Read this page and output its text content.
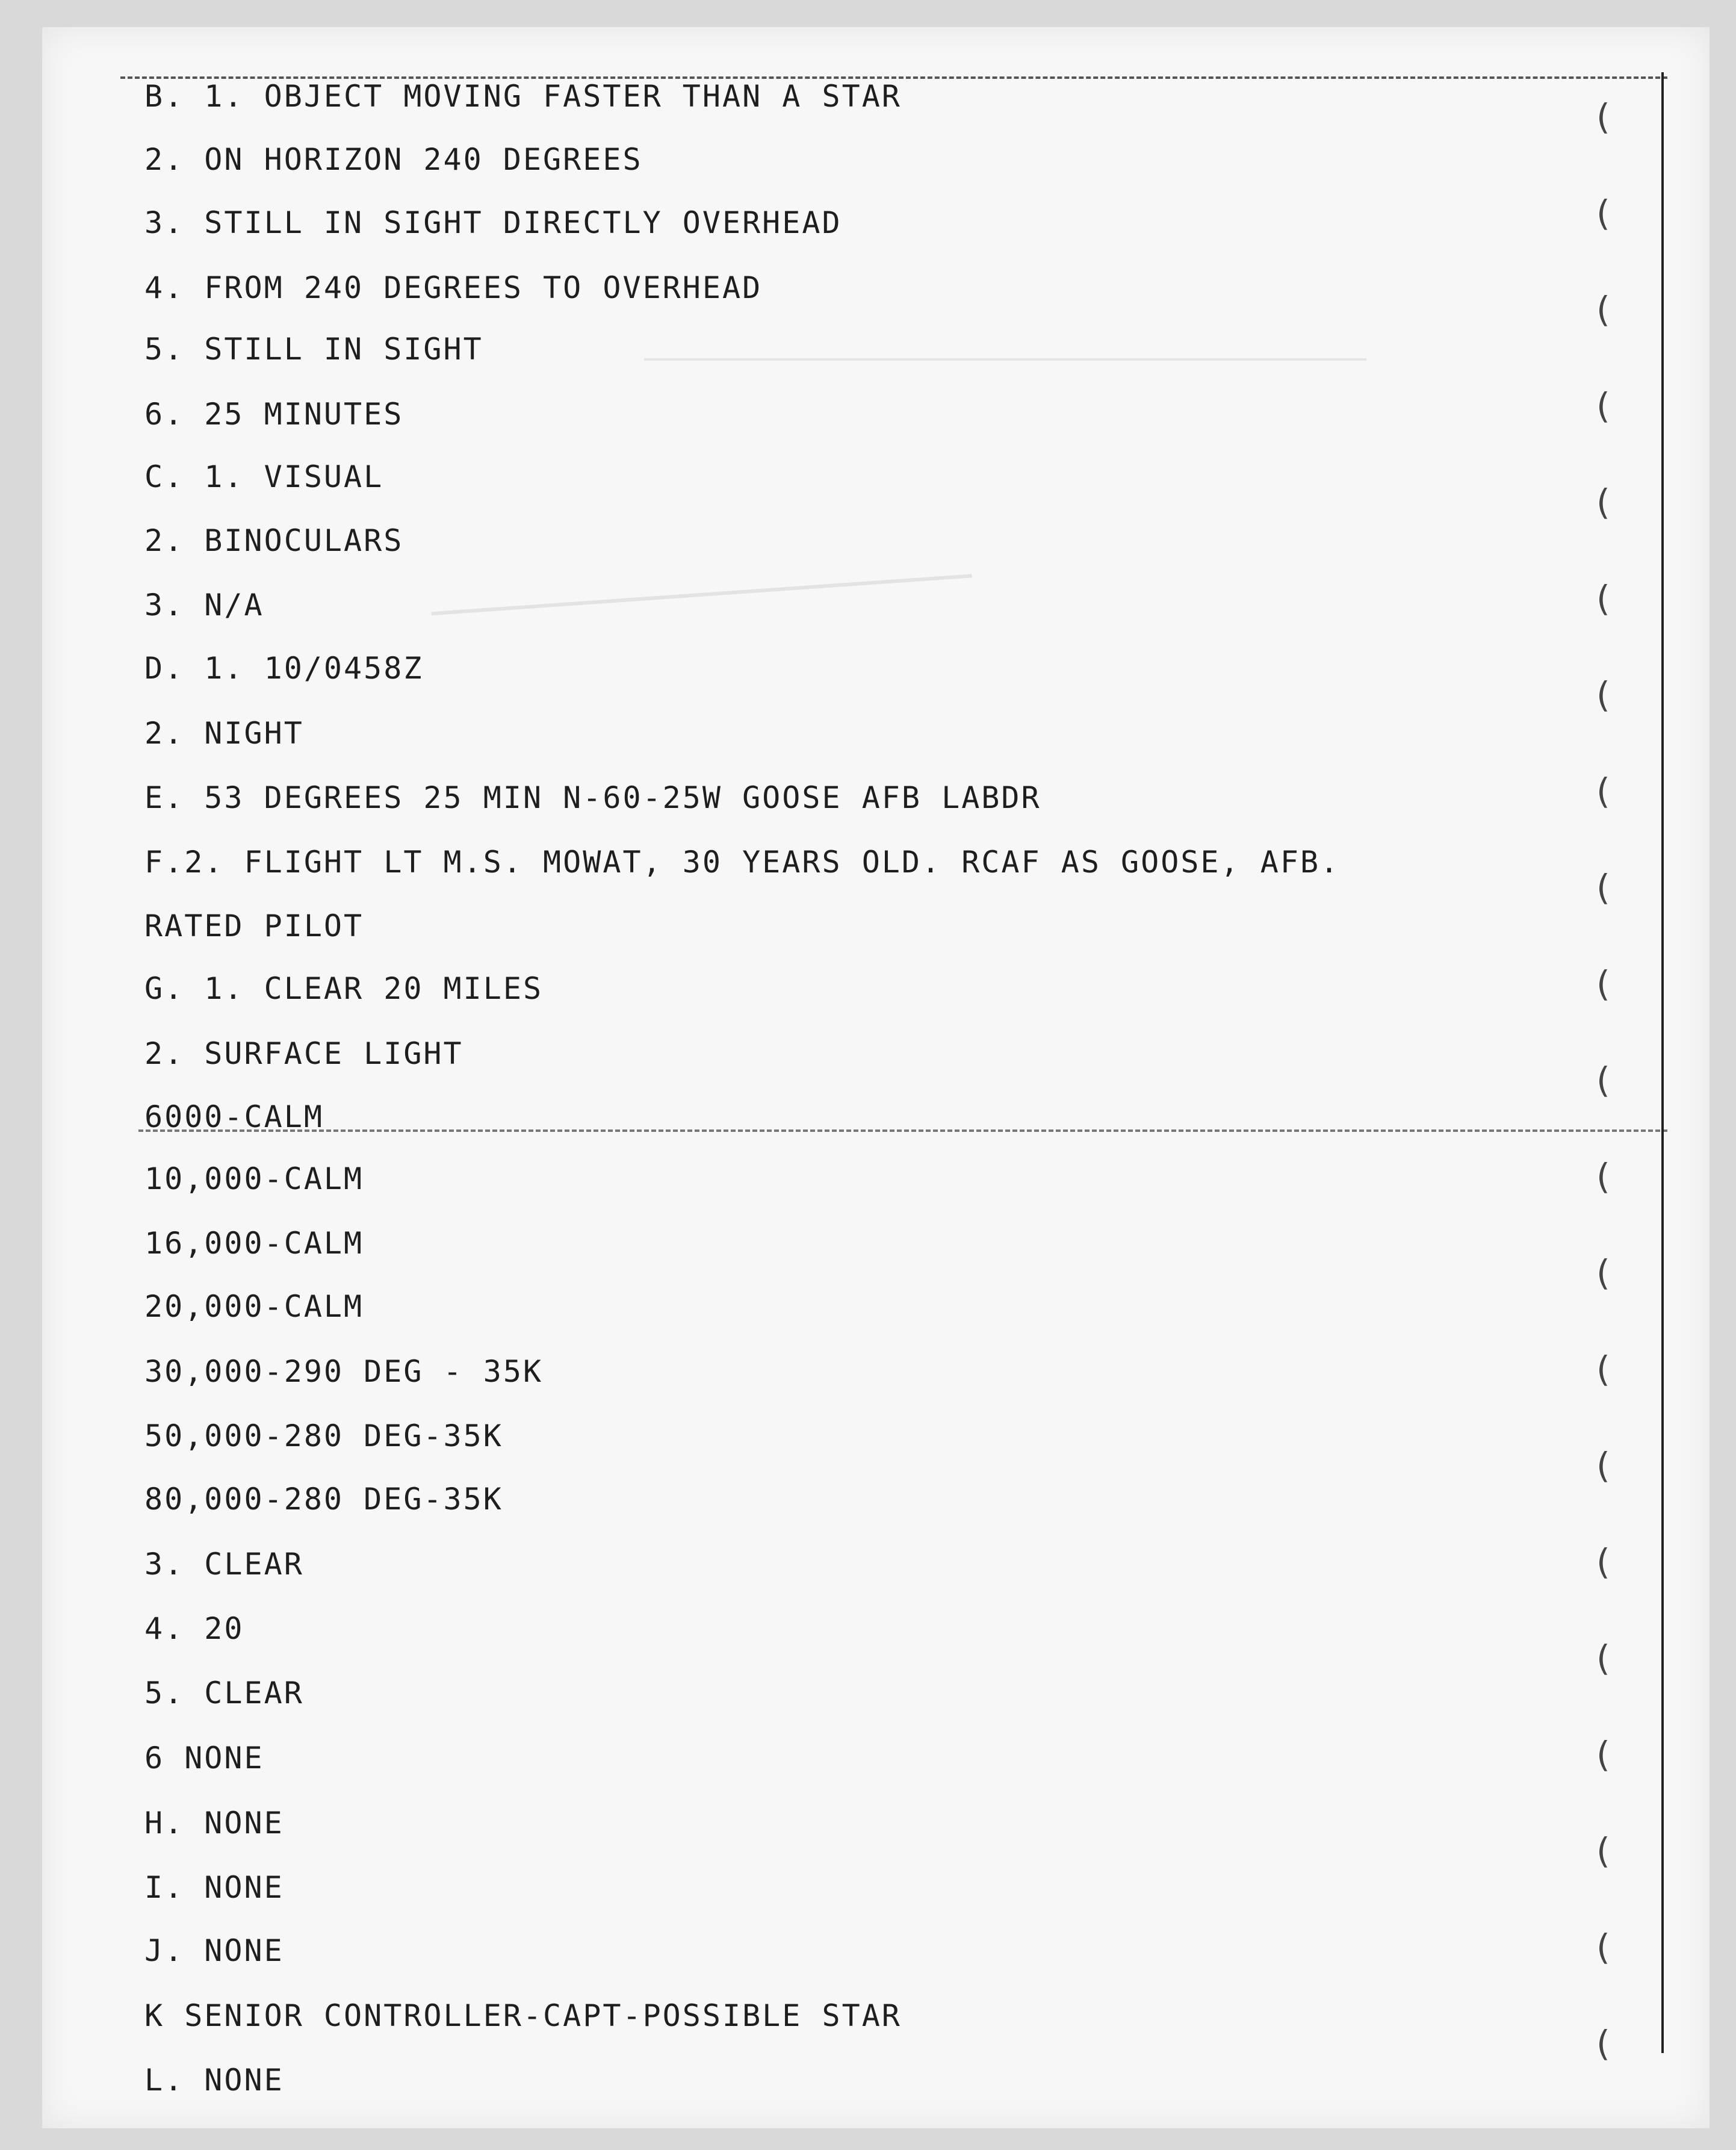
(
(
(
(
(
(
(
(
(
(
(
(
(
(
(
(
(
(
(
(
(
B. 1. OBJECT MOVING FASTER THAN A STAR
2. ON HORIZON 240 DEGREES
3. STILL IN SIGHT DIRECTLY OVERHEAD
4. FROM 240 DEGREES TO OVERHEAD
5. STILL IN SIGHT
6. 25 MINUTES
C. 1. VISUAL
2. BINOCULARS
3. N/A
D. 1. 10/0458Z
2. NIGHT
E. 53 DEGREES 25 MIN N-60-25W GOOSE AFB LABDR
F.2. FLIGHT LT M.S. MOWAT, 30 YEARS OLD. RCAF AS GOOSE, AFB.
RATED PILOT
G. 1. CLEAR 20 MILES
2. SURFACE LIGHT
6000-CALM
10,000-CALM
16,000-CALM
20,000-CALM
30,000-290 DEG - 35K
50,000-280 DEG-35K
80,000-280 DEG-35K
3. CLEAR
4. 20
5. CLEAR
6 NONE
H. NONE
I. NONE
J. NONE
K SENIOR CONTROLLER-CAPT-POSSIBLE STAR
L. NONE
